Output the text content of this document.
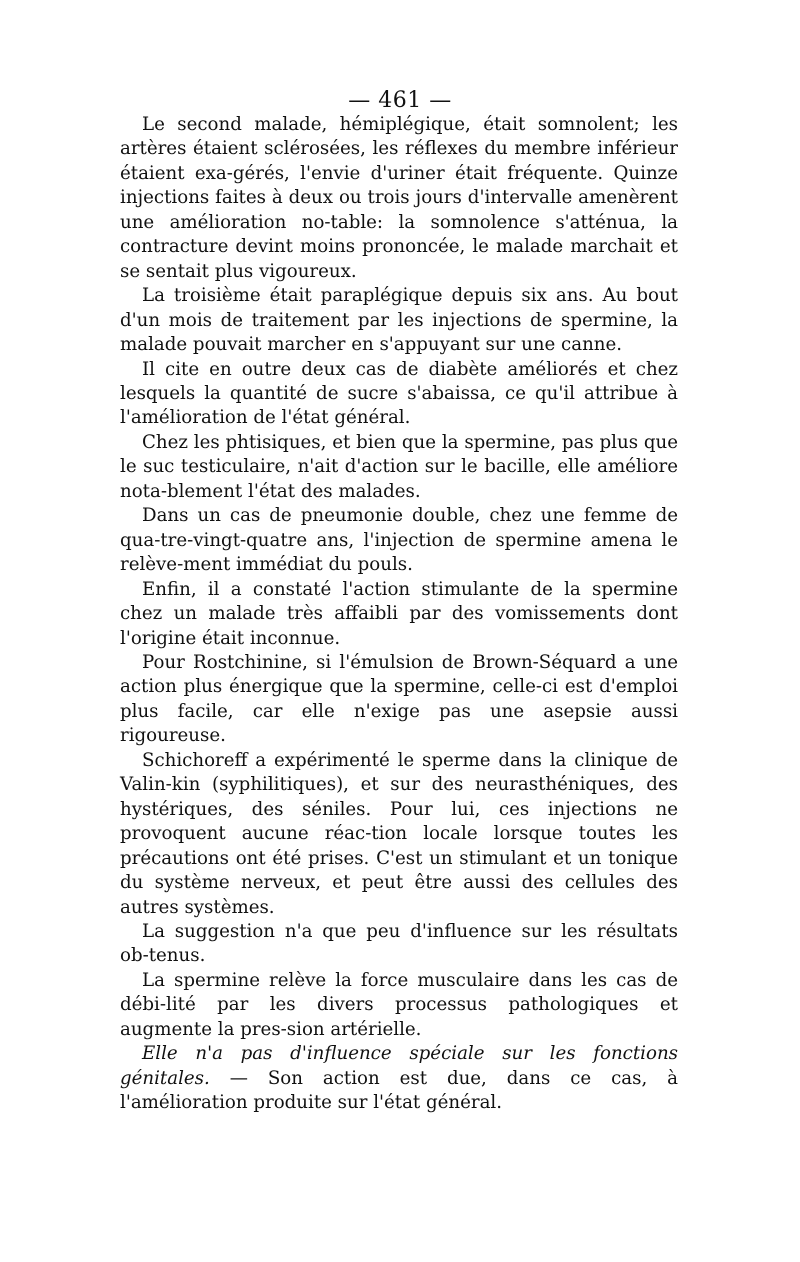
— 461 —

Le second malade, hémiplégique, était somnolent; les artères étaient sclérosées, les réflexes du membre inférieur étaient exa-gérés, l'envie d'uriner était fréquente. Quinze injections faites à deux ou trois jours d'intervalle amenèrent une amélioration no-table: la somnolence s'atténua, la contracture devint moins prononcée, le malade marchait et se sentait plus vigoureux.

La troisième était paraplégique depuis six ans. Au bout d'un mois de traitement par les injections de spermine, la malade pouvait marcher en s'appuyant sur une canne.

Il cite en outre deux cas de diabète améliorés et chez lesquels la quantité de sucre s'abaissa, ce qu'il attribue à l'amélioration de l'état général.

Chez les phtisiques, et bien que la spermine, pas plus que le suc testiculaire, n'ait d'action sur le bacille, elle améliore nota-blement l'état des malades.

Dans un cas de pneumonie double, chez une femme de qua-tre-vingt-quatre ans, l'injection de spermine amena le relève-ment immédiat du pouls.

Enfin, il a constaté l'action stimulante de la spermine chez un malade très affaibli par des vomissements dont l'origine était inconnue.

Pour Rostchinine, si l'émulsion de Brown-Séquard a une action plus énergique que la spermine, celle-ci est d'emploi plus facile, car elle n'exige pas une asepsie aussi rigoureuse.

Schichoreff a expérimenté le sperme dans la clinique de Valin-kin (syphilitiques), et sur des neurasthéniques, des hystériques, des séniles. Pour lui, ces injections ne provoquent aucune réac-tion locale lorsque toutes les précautions ont été prises. C'est un stimulant et un tonique du système nerveux, et peut être aussi des cellules des autres systèmes.

La suggestion n'a que peu d'influence sur les résultats ob-tenus.

La spermine relève la force musculaire dans les cas de débi-lité par les divers processus pathologiques et augmente la pres-sion artérielle.

Elle n'a pas d'influence spéciale sur les fonctions génitales. — Son action est due, dans ce cas, à l'amélioration produite sur l'état général.
